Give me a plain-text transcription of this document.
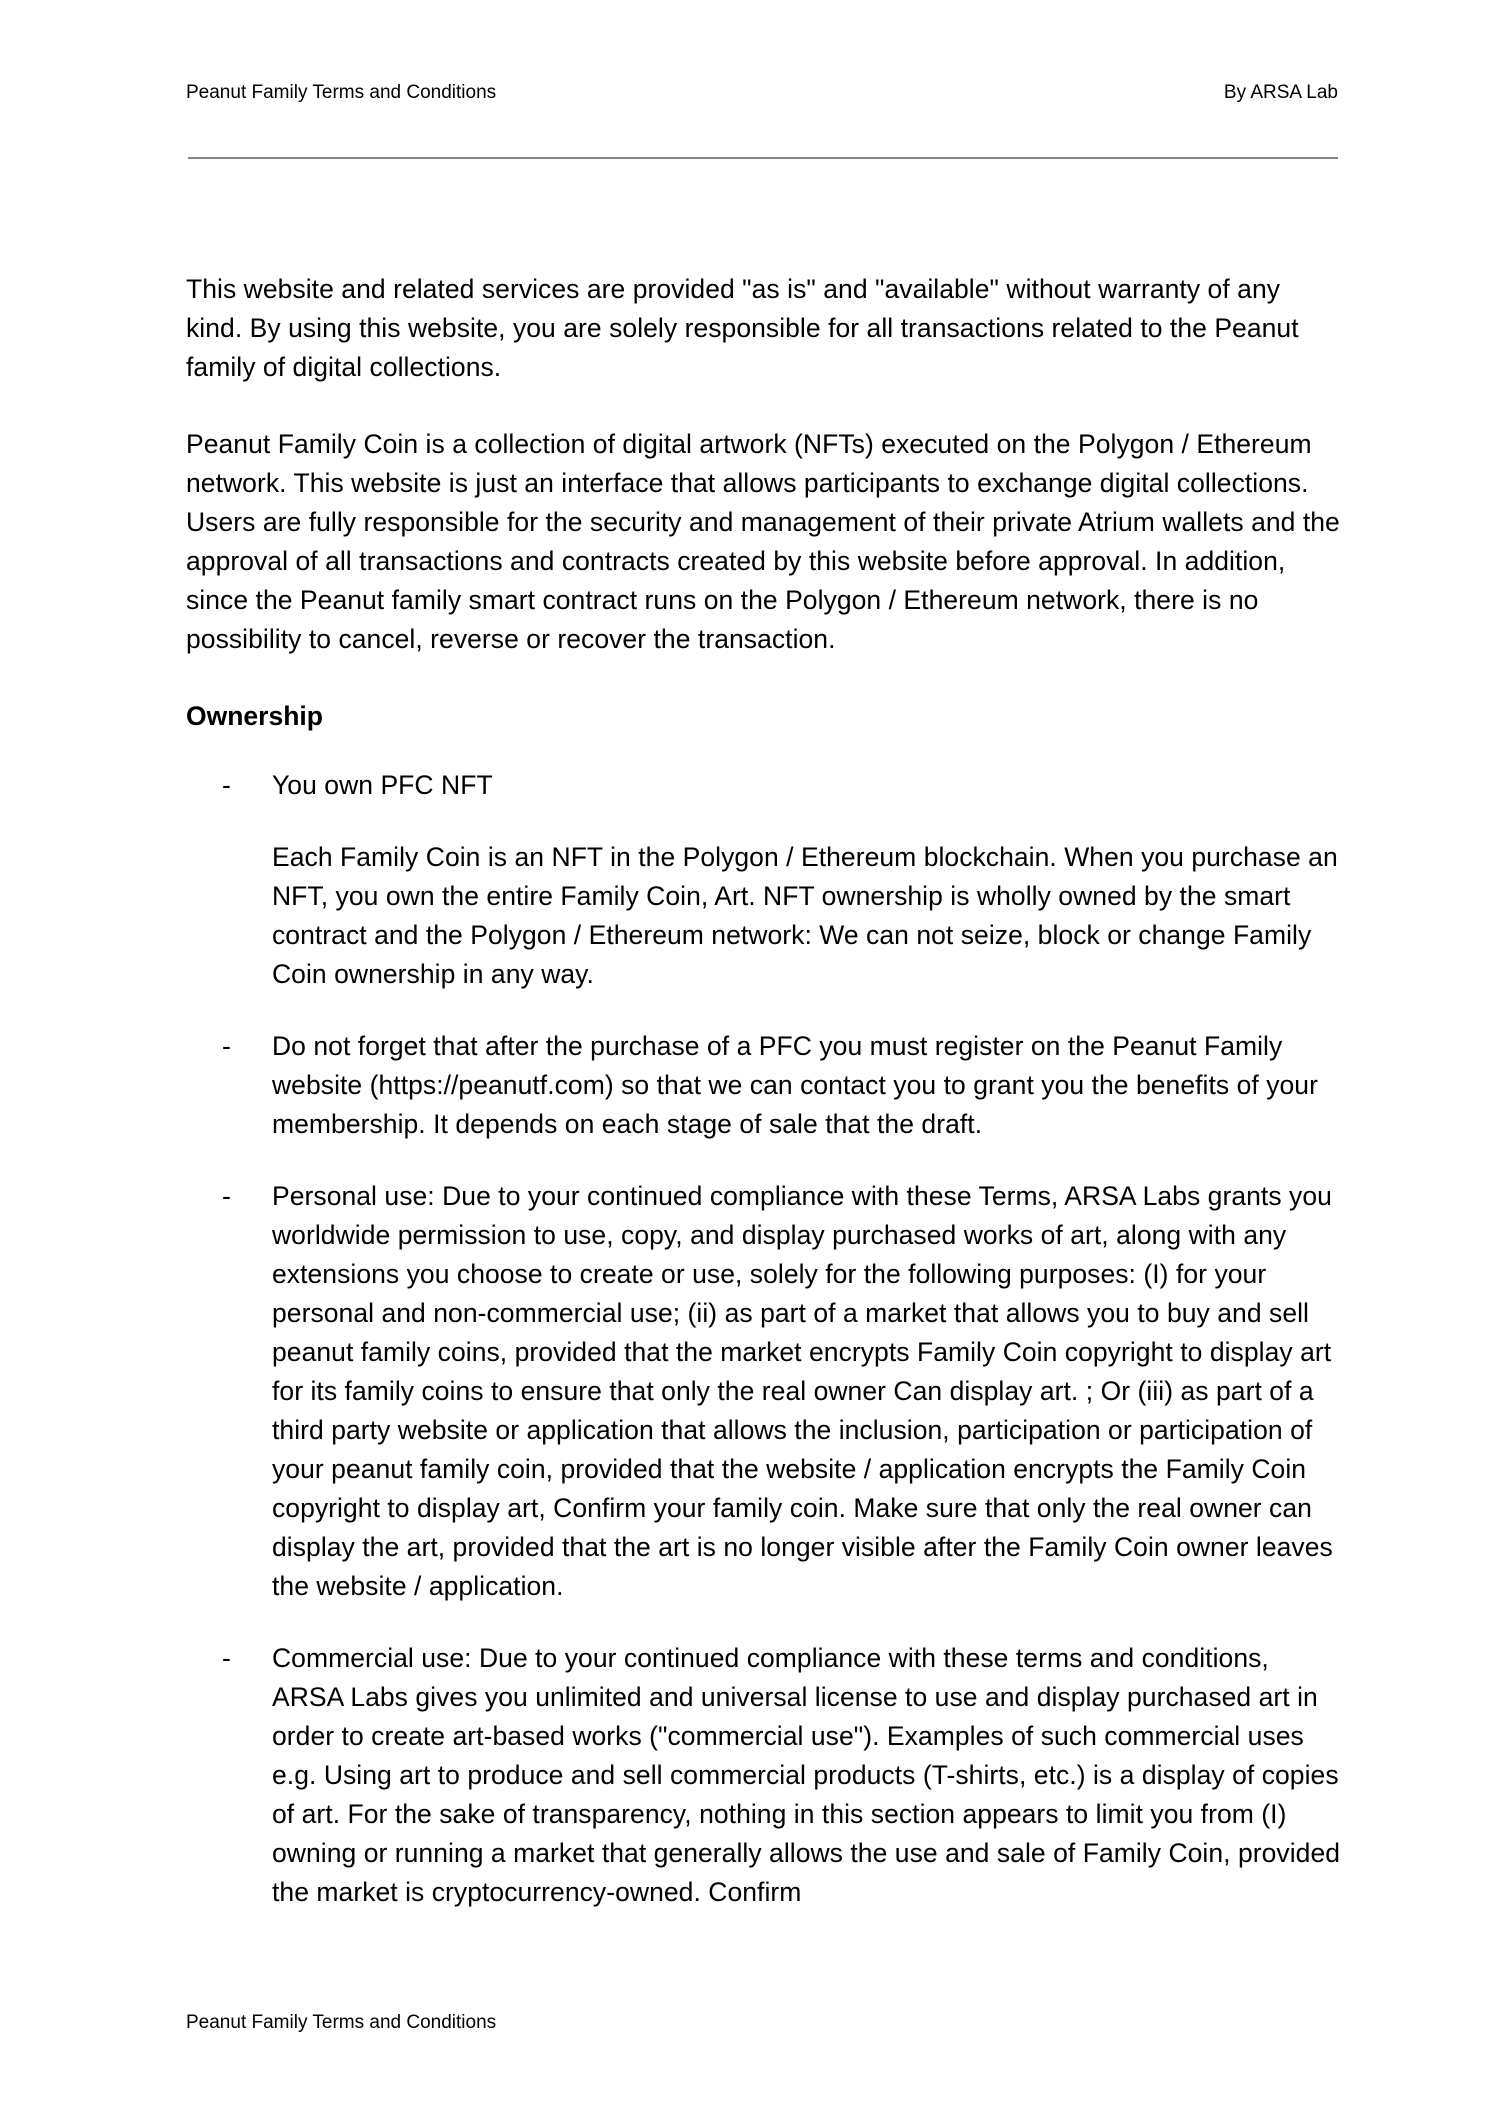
Peanut Family Terms and Conditions	By ARSA Lab

This website and related services are provided "as is" and "available" without warranty of any kind. By using this website, you are solely responsible for all transactions related to the Peanut family of digital collections.

Peanut Family Coin is a collection of digital artwork (NFTs) executed on the Polygon / Ethereum network. This website is just an interface that allows participants to exchange digital collections. Users are fully responsible for the security and management of their private Atrium wallets and the approval of all transactions and contracts created by this website before approval. In addition, since the Peanut family smart contract runs on the Polygon / Ethereum network, there is no possibility to cancel, reverse or recover the transaction.

Ownership
- You own PFC NFT
Each Family Coin is an NFT in the Polygon / Ethereum blockchain. When you purchase an NFT, you own the entire Family Coin, Art. NFT ownership is wholly owned by the smart contract and the Polygon / Ethereum network: We can not seize, block or change Family Coin ownership in any way.
- Do not forget that after the purchase of a PFC you must register on the Peanut Family website (https://peanutf.com) so that we can contact you to grant you the benefits of your membership. It depends on each stage of sale that the draft.
- Personal use: Due to your continued compliance with these Terms, ARSA Labs grants you worldwide permission to use, copy, and display purchased works of art, along with any extensions you choose to create or use, solely for the following purposes: (I) for your personal and non-commercial use; (ii) as part of a market that allows you to buy and sell peanut family coins, provided that the market encrypts Family Coin copyright to display art for its family coins to ensure that only the real owner Can display art. ; Or (iii) as part of a third party website or application that allows the inclusion, participation or participation of your peanut family coin, provided that the website / application encrypts the Family Coin copyright to display art, Confirm your family coin. Make sure that only the real owner can display the art, provided that the art is no longer visible after the Family Coin owner leaves the website / application.
- Commercial use: Due to your continued compliance with these terms and conditions, ARSA Labs gives you unlimited and universal license to use and display purchased art in order to create art-based works ("commercial use"). Examples of such commercial uses e.g. Using art to produce and sell commercial products (T-shirts, etc.) is a display of copies of art. For the sake of transparency, nothing in this section appears to limit you from (I) owning or running a market that generally allows the use and sale of Family Coin, provided the market is cryptocurrency-owned. Confirm
Peanut Family Terms and Conditions
